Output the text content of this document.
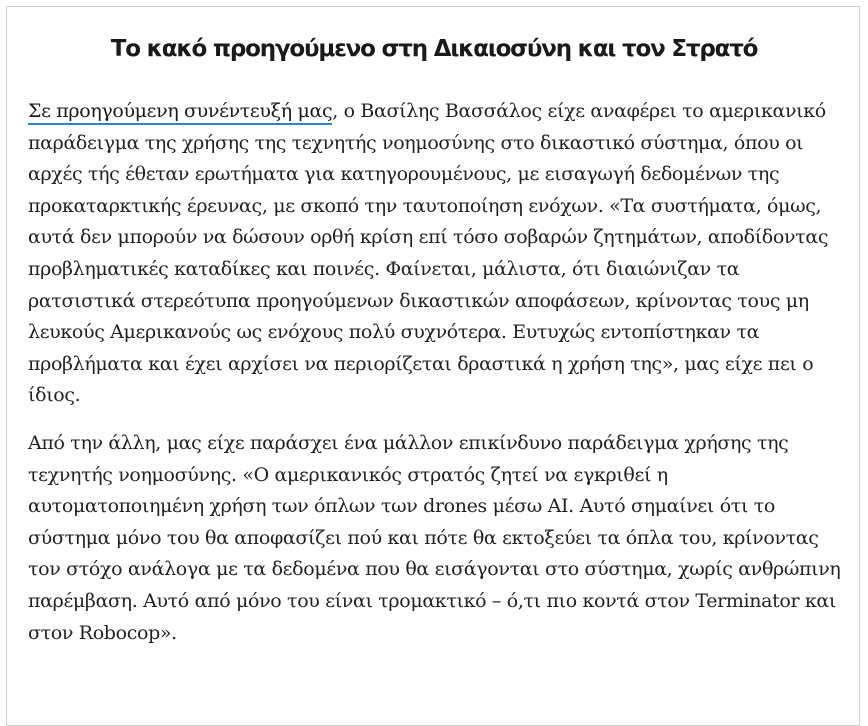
Το κακό προηγούμενο στη Δικαιοσύνη και τον Στρατό

Σε προηγούμενη συνέντευξή μας, ο Βασίλης Βασσάλος είχε αναφέρει το αμερικανικό παράδειγμα της χρήσης της τεχνητής νοημοσύνης στο δικαστικό σύστημα, όπου οι αρχές τής έθεταν ερωτήματα για κατηγορουμένους, με εισαγωγή δεδομένων της προκαταρκτικής έρευνας, με σκοπό την ταυτοποίηση ενόχων. «Τα συστήματα, όμως, αυτά δεν μπορούν να δώσουν ορθή κρίση επί τόσο σοβαρών ζητημάτων, αποδίδοντας προβληματικές καταδίκες και ποινές. Φαίνεται, μάλιστα, ότι διαιώνιζαν τα ρατσιστικά στερεότυπα προηγούμενων δικαστικών αποφάσεων, κρίνοντας τους μη λευκούς Αμερικανούς ως ενόχους πολύ συχνότερα. Ευτυχώς εντοπίστηκαν τα προβλήματα και έχει αρχίσει να περιορίζεται δραστικά η χρήση της», μας είχε πει ο ίδιος.

Από την άλλη, μας είχε παράσχει ένα μάλλον επικίνδυνο παράδειγμα χρήσης της τεχνητής νοημοσύνης. «Ο αμερικανικός στρατός ζητεί να εγκριθεί η αυτοματοποιημένη χρήση των όπλων των drones μέσω AI. Αυτό σημαίνει ότι το σύστημα μόνο του θα αποφασίζει πού και πότε θα εκτοξεύει τα όπλα του, κρίνοντας τον στόχο ανάλογα με τα δεδομένα που θα εισάγονται στο σύστημα, χωρίς ανθρώπινη παρέμβαση. Αυτό από μόνο του είναι τρομακτικό – ό,τι πιο κοντά στον Terminator και στον Robocop».
